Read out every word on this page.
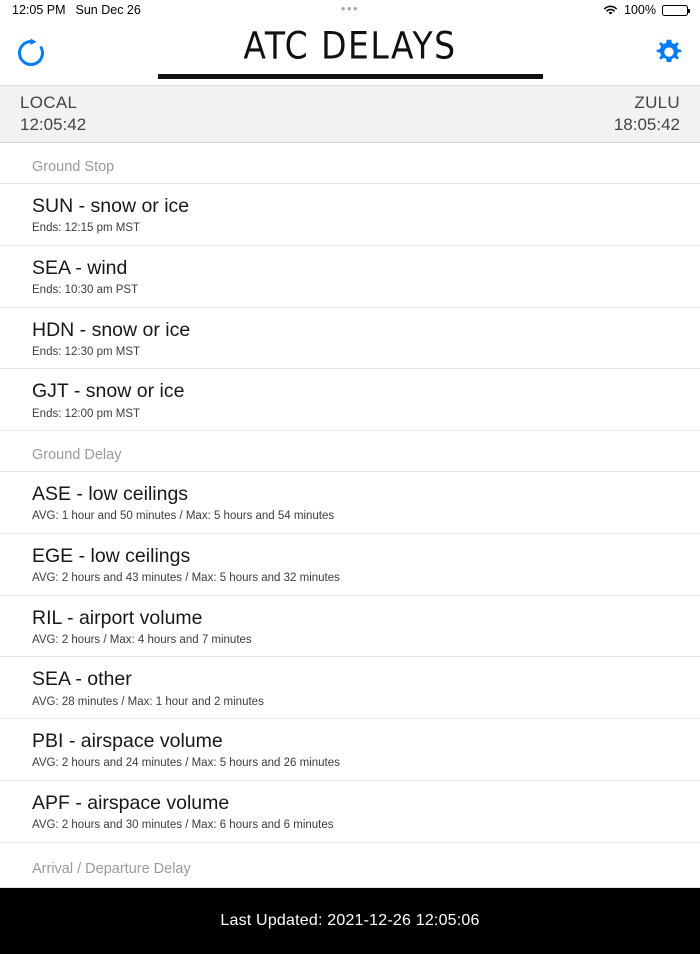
12:05 PM Sun Dec 26	•••	100%
ATC DELAYS
LOCAL
12:05:42
ZULU
18:05:42
Ground Stop
SUN - snow or ice
Ends: 12:15 pm MST
SEA - wind
Ends: 10:30 am PST
HDN - snow or ice
Ends: 12:30 pm MST
GJT - snow or ice
Ends: 12:00 pm MST
Ground Delay
ASE - low ceilings
AVG: 1 hour and 50 minutes / Max: 5 hours and 54 minutes
EGE - low ceilings
AVG: 2 hours and 43 minutes / Max: 5 hours and 32 minutes
RIL - airport volume
AVG: 2 hours / Max: 4 hours and 7 minutes
SEA - other
AVG: 28 minutes / Max: 1 hour and 2 minutes
PBI - airspace volume
AVG: 2 hours and 24 minutes / Max: 5 hours and 26 minutes
APF - airspace volume
AVG: 2 hours and 30 minutes / Max: 6 hours and 6 minutes
Arrival / Departure Delay
Last Updated: 2021-12-26 12:05:06
